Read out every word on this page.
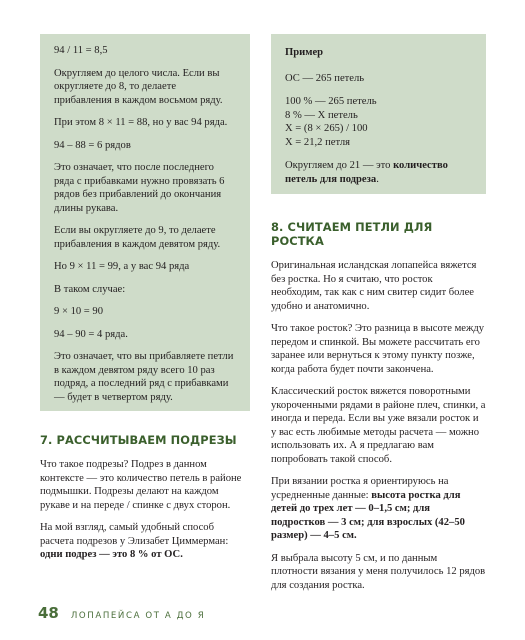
94 / 11 = 8,5

Округляем до целого числа. Если вы округляете до 8, то делаете прибавления в каждом восьмом ряду.

При этом 8 × 11 = 88, но у вас 94 ряда.

94 – 88 = 6 рядов

Это означает, что после последнего ряда с прибавками нужно провязать 6 рядов без прибавлений до окончания длины рукава.

Если вы округляете до 9, то делаете прибавления в каждом девятом ряду.

Но 9 × 11 = 99, а у вас 94 ряда

В таком случае:

9 × 10 = 90

94 – 90 = 4 ряда.

Это означает, что вы прибавляете петли в каждом девятом ряду всего 10 раз подряд, а последний ряд с прибавками — будет в четвертом ряду.

7. РАССЧИТЫВАЕМ ПОДРЕЗЫ

Что такое подрезы? Подрез в данном контексте — это количество петель в районе подмышки. Подрезы делают на каждом рукаве и на переде / спинке с двух сторон.

На мой взгляд, самый удобный способ расчета подрезов у Элизабет Циммерман: одни подрез — это 8 % от ОС.

Пример

ОС — 265 петель

100 % — 265 петель

8 % — X петель

X = (8 × 265) / 100

X = 21,2 петля

Округляем до 21 — это количество петель для подреза.

8. СЧИТАЕМ ПЕТЛИ ДЛЯ РОСТКА

Оригинальная исландская лопапейса вяжется без ростка. Но я считаю, что росток необходим, так как с ним свитер сидит более удобно и анатомично.

Что такое росток? Это разница в высоте между передом и спинкой. Вы можете рассчитать его заранее или вернуться к этому пункту позже, когда работа будет почти закончена.

Классический росток вяжется поворотными укороченными рядами в районе плеч, спинки, а иногда и переда. Если вы уже вязали росток и у вас есть любимые методы расчета — можно использовать их. А я предлагаю вам попробовать такой способ.

При вязании ростка я ориентируюсь на усредненные данные: высота ростка для детей до трех лет — 0–1,5 см; для подростков — 3 см; для взрослых (42–50 размер) — 4–5 см.

Я выбрала высоту 5 см, и по данным плотности вязания у меня получилось 12 рядов для создания ростка.

48 ЛОПАПЕЙСА ОТ А ДО Я
